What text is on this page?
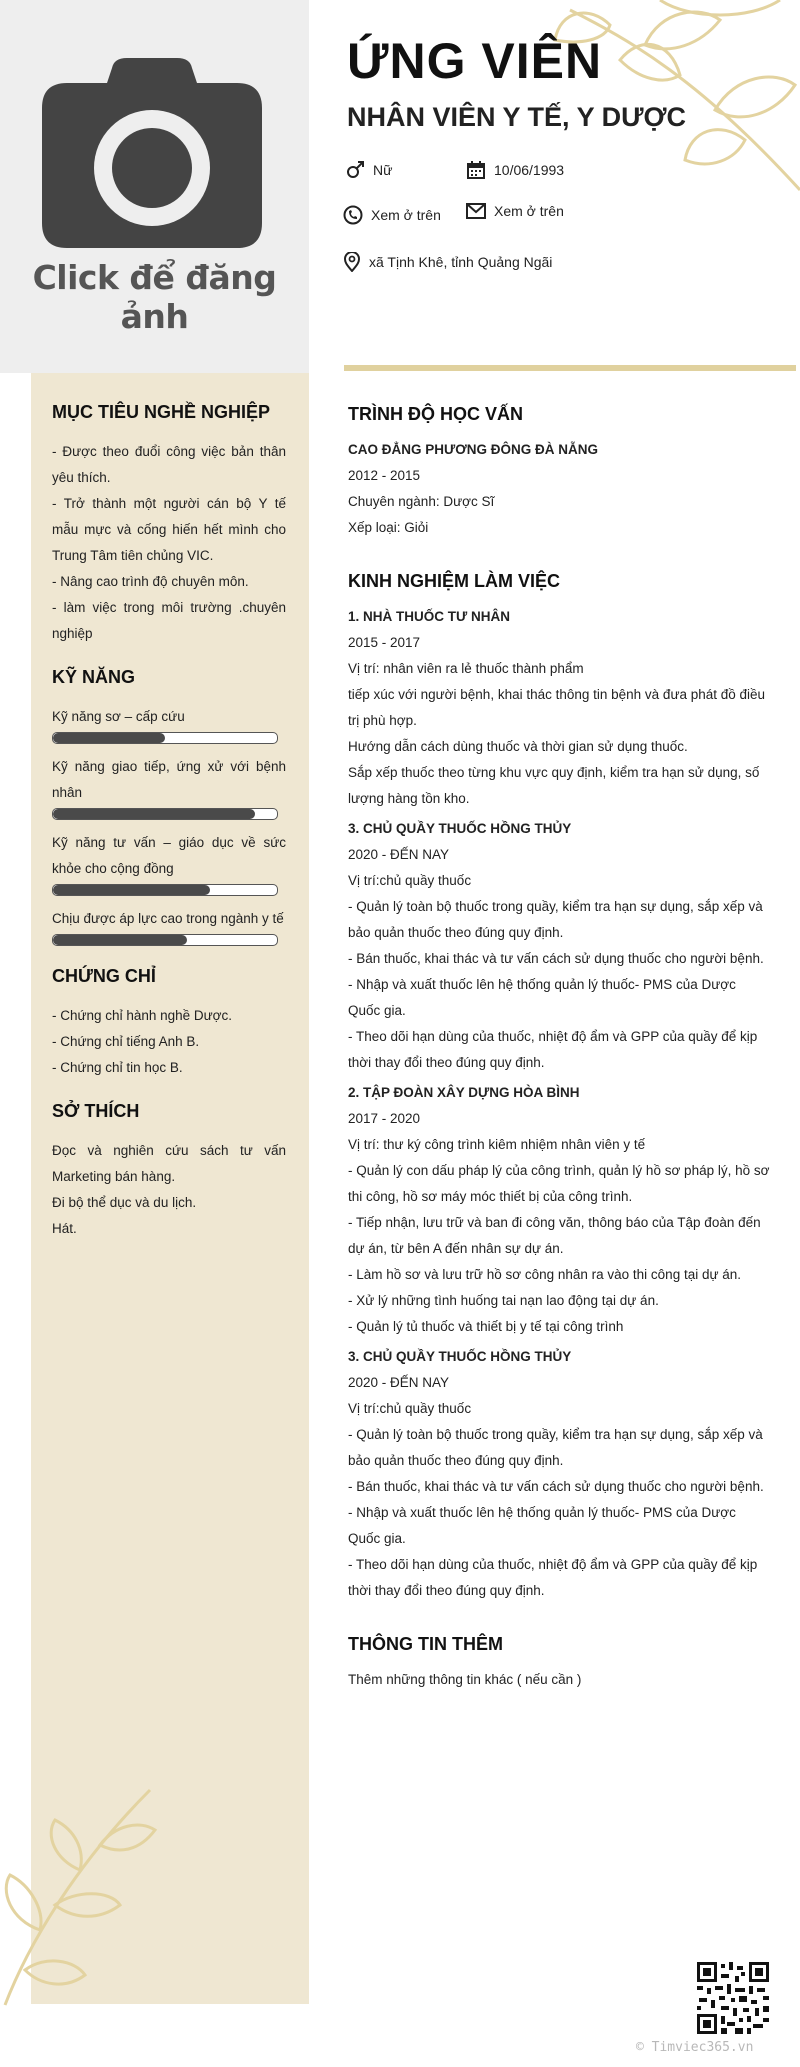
Click để đăng ảnh
ỨNG VIÊN
NHÂN VIÊN Y TẾ, Y DƯỢC
Nữ	10/06/1993
Xem ở trên	Xem ở trên
xã Tịnh Khê, tỉnh Quảng Ngãi
MỤC TIÊU NGHỀ NGHIỆP

- Được theo đuổi công việc bản thân yêu thích.

- Trở thành một người cán bộ Y tế mẫu mực và cống hiến hết mình cho Trung Tâm tiên chủng VIC.

- Nâng cao trình độ chuyên môn.

- làm việc trong môi trường .chuyên nghiệp

KỸ NĂNG
Kỹ năng sơ – cấp cứu
Kỹ năng giao tiếp, ứng xử với bệnh nhân
Kỹ năng tư vấn – giáo dục về sức khỏe cho cộng đồng
Chịu được áp lực cao trong ngành y tế
CHỨNG CHỈ

- Chứng chỉ hành nghề Dược.

- Chứng chỉ tiếng Anh B.

- Chứng chỉ tin học B.

SỞ THÍCH

Đọc và nghiên cứu sách tư vấn Marketing bán hàng.

Đi bộ thể dục và du lịch.

Hát.

TRÌNH ĐỘ HỌC VẤN
CAO ĐẲNG PHƯƠNG ĐÔNG ĐÀ NẴNG
2012 - 2015
Chuyên ngành: Dược Sĩ
Xếp loại: Giỏi
KINH NGHIỆM LÀM VIỆC
1. NHÀ THUỐC TƯ NHÂN
2015 - 2017
Vị trí: nhân viên ra lẻ thuốc thành phẩm
tiếp xúc với người bệnh, khai thác thông tin bệnh và đưa phát đồ điều trị phù hợp.
Hướng dẫn cách dùng thuốc và thời gian sử dụng thuốc.
Sắp xếp thuốc theo từng khu vực quy định, kiểm tra hạn sử dụng, số lượng hàng tồn kho.
3. CHỦ QUẦY THUỐC HỒNG THỦY
2020 - ĐẾN NAY
Vị trí:chủ quầy thuốc
- Quản lý toàn bộ thuốc trong quầy, kiểm tra hạn sự dụng, sắp xếp và bảo quản thuốc theo đúng quy định.
- Bán thuốc, khai thác và tư vấn cách sử dụng thuốc cho người bệnh.
- Nhập và xuất thuốc lên hệ thống quản lý thuốc- PMS của Dược Quốc gia.
- Theo dõi hạn dùng của thuốc, nhiệt độ ẩm và GPP của quầy để kịp thời thay đổi theo đúng quy định.
2. TẬP ĐOÀN XÂY DỰNG HÒA BÌNH
2017 - 2020
Vị trí: thư ký công trình kiêm nhiệm nhân viên y tế
- Quản lý con dấu pháp lý của công trình, quản lý hồ sơ pháp lý, hồ sơ thi công, hồ sơ máy móc thiết bị của công trình.
- Tiếp nhận, lưu trữ và ban đi công văn, thông báo của Tập đoàn đến dự án, từ bên A đến nhân sự dự án.
- Làm hồ sơ và lưu trữ hồ sơ công nhân ra vào thi công tại dự án.
- Xử lý những tình huống tai nạn lao động tại dự án.
- Quản lý tủ thuốc và thiết bị y tế tại công trình
3. CHỦ QUẦY THUỐC HỒNG THỦY
2020 - ĐẾN NAY
Vị trí:chủ quầy thuốc
- Quản lý toàn bộ thuốc trong quầy, kiểm tra hạn sự dụng, sắp xếp và bảo quản thuốc theo đúng quy định.
- Bán thuốc, khai thác và tư vấn cách sử dụng thuốc cho người bệnh.
- Nhập và xuất thuốc lên hệ thống quản lý thuốc- PMS của Dược Quốc gia.
- Theo dõi hạn dùng của thuốc, nhiệt độ ẩm và GPP của quầy để kịp thời thay đổi theo đúng quy định.
THÔNG TIN THÊM
Thêm những thông tin khác ( nếu cần )
© Timviec365.vn
